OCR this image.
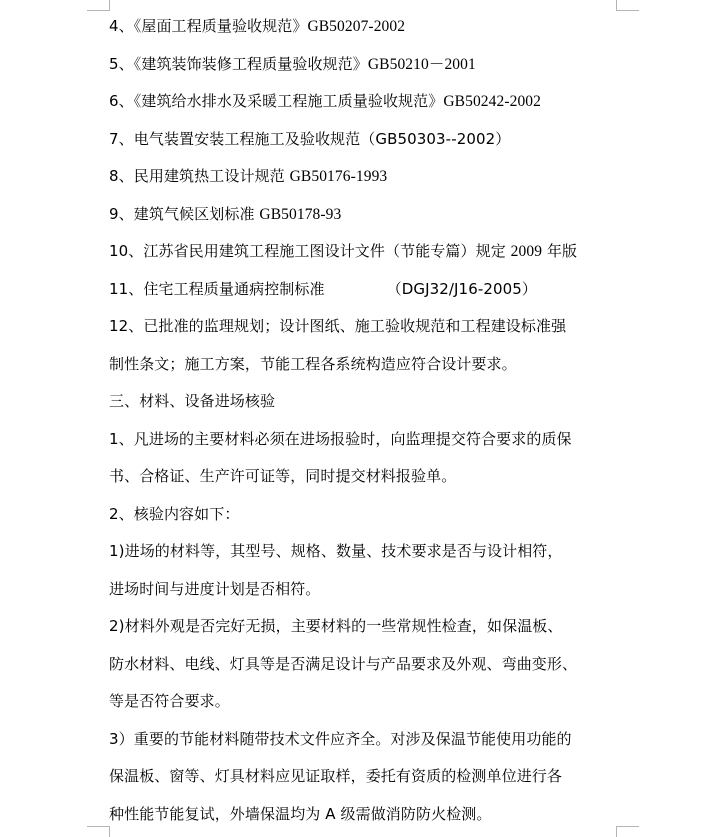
4、《屋面工程质量验收规范》GB50207-2002
5、《建筑装饰装修工程质量验收规范》GB50210－2001
6、《建筑给水排水及采暖工程施工质量验收规范》GB50242-2002
7、电气装置安装工程施工及验收规范（GB50303--2002）
8、民用建筑热工设计规范 GB50176-1993
9、建筑气候区划标准 GB50178-93
10、江苏省民用建筑工程施工图设计文件（节能专篇）规定 2009 年版
11、住宅工程质量通病控制标准	（DGJ32/J16-2005）
12、已批准的监理规划；设计图纸、施工验收规范和工程建设标准强
制性条文；施工方案，节能工程各系统构造应符合设计要求。
三、材料、设备进场核验
1、凡进场的主要材料必须在进场报验时，向监理提交符合要求的质保
书、合格证、生产许可证等，同时提交材料报验单。
2、核验内容如下：
1)进场的材料等，其型号、规格、数量、技术要求是否与设计相符，
进场时间与进度计划是否相符。
2)材料外观是否完好无损，主要材料的一些常规性检查，如保温板、
防水材料、电线、灯具等是否满足设计与产品要求及外观、弯曲变形、
等是否符合要求。
3）重要的节能材料随带技术文件应齐全。对涉及保温节能使用功能的
保温板、窗等、灯具材料应见证取样，委托有资质的检测单位进行各
种性能节能复试，外墙保温均为 A 级需做消防防火检测。
